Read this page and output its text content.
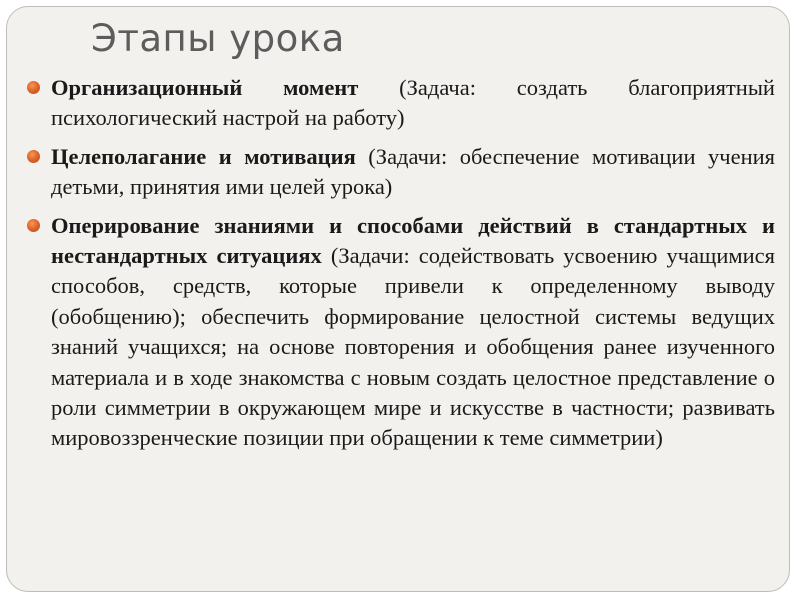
Этапы урока
Организационный момент (Задача: создать благоприятный психологический настрой на работу)
Целеполагание и мотивация (Задачи: обеспечение мотивации учения детьми, принятия ими целей урока)
Оперирование знаниями и способами действий в стандартных и нестандартных ситуациях (Задачи: содействовать усвоению учащимися способов, средств, которые привели к определенному выводу (обобщению); обеспечить формирование целостной системы ведущих знаний учащихся; на основе повторения и обобщения ранее изученного материала и в ходе знакомства с новым создать целостное представление о роли симметрии в окружающем мире и искусстве в частности; развивать мировоззренческие позиции при обращении к теме симметрии)
